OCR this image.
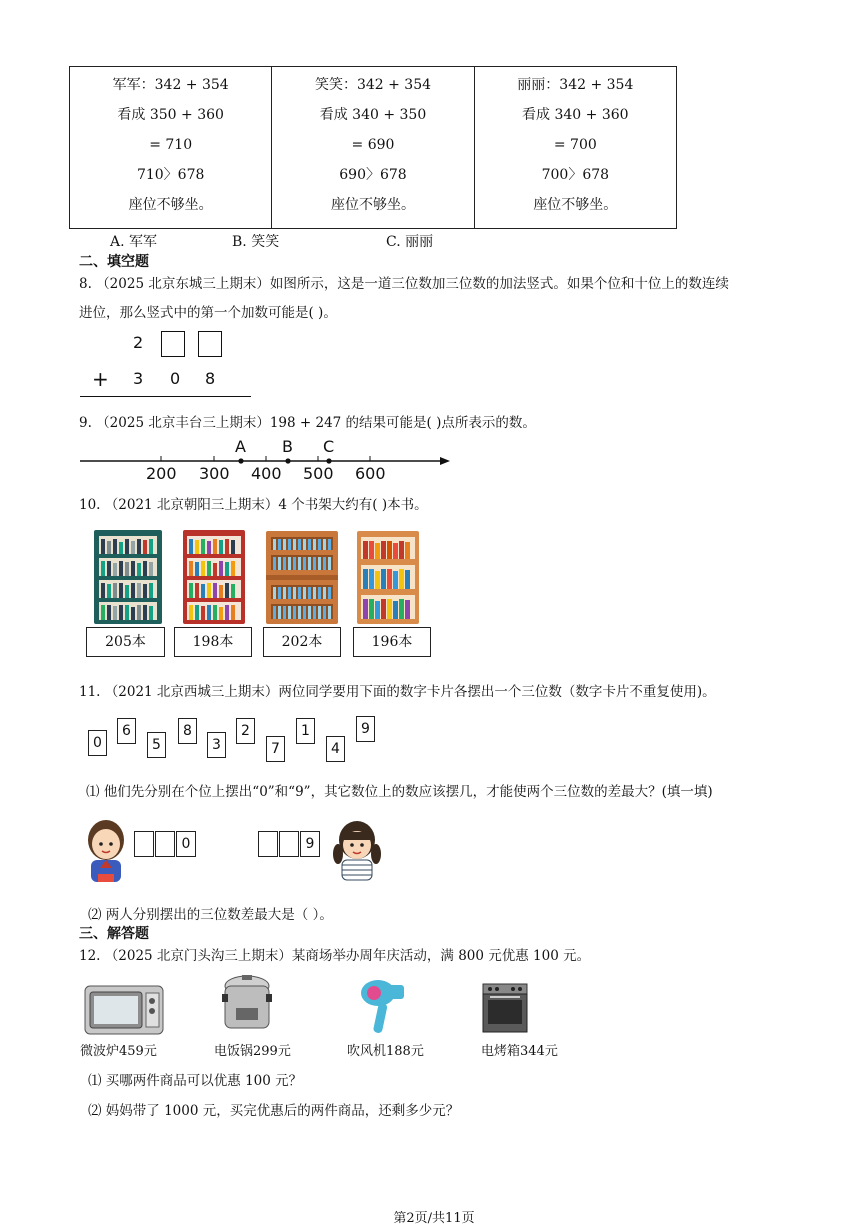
军军：342 + 354
看成 350 + 360
= 710
710〉678
座位不够坐。
笑笑：342 + 354
看成 340 + 350
= 690
690〉678
座位不够坐。
丽丽：342 + 354
看成 340 + 360
= 700
700〉678
座位不够坐。
A. 军军	B. 笑笑	C. 丽丽
二、填空题
8. （2025 北京东城三上期末）如图所示，这是一道三位数加三位数的加法竖式。如果个位和十位上的数连续
进位，那么竖式中的第一个加数可能是( )。
2
+ 3 0 8
9. （2025 北京丰台三上期末）198 + 247 的结果可能是( )点所表示的数。
A B C
200 300 400 500 600
10. （2021 北京朝阳三上期末）4 个书架大约有( )本书。
205本	198本	202本	196本
11. （2021 北京西城三上期末）两位同学要用下面的数字卡片各摆出一个三位数（数字卡片不重复使用)。
0
6
5
8
3
2
7
1
4
9
⑴ 他们先分别在个位上摆出“0”和“9”，其它数位上的数应该摆几，才能使两个三位数的差最大？(填一填)
0	9
⑵ 两人分别摆出的三位数差最大是（ ）。
三、解答题
12. （2025 北京门头沟三上期末）某商场举办周年庆活动，满 800 元优惠 100 元。
微波炉459元	电饭锅299元	吹风机188元	电烤箱344元
⑴ 买哪两件商品可以优惠 100 元？
⑵ 妈妈带了 1000 元，买完优惠后的两件商品，还剩多少元？
第2页/共11页
